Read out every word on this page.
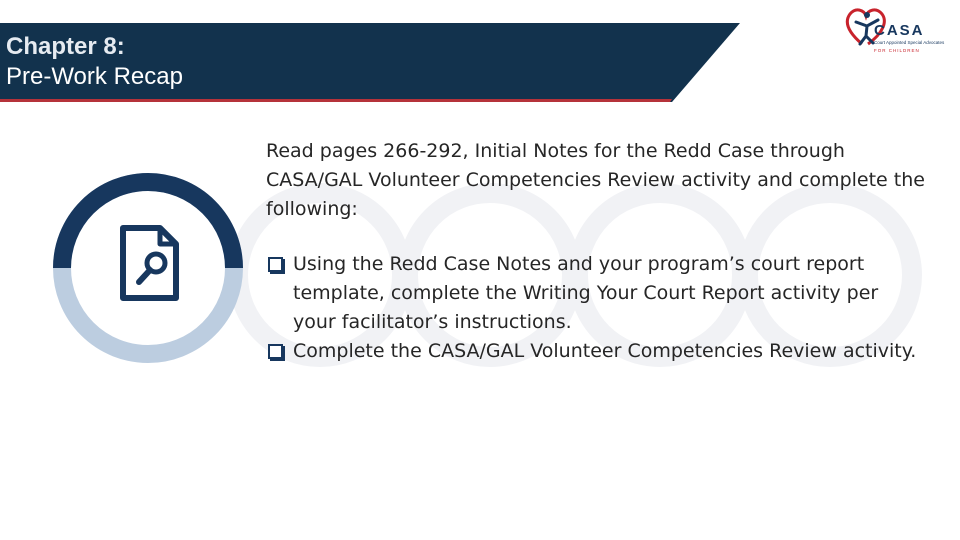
Chapter 8:
Pre-Work Recap
CASA
Court Appointed Special Advocates
FOR CHILDREN

Read pages 266-292, Initial Notes for the Redd Case through CASA/GAL Volunteer Competencies Review activity and complete the following:

Using the Redd Case Notes and your program’s court report template, complete the Writing Your Court Report activity per your facilitator’s instructions.
Complete the CASA/GAL Volunteer Competencies Review activity.
